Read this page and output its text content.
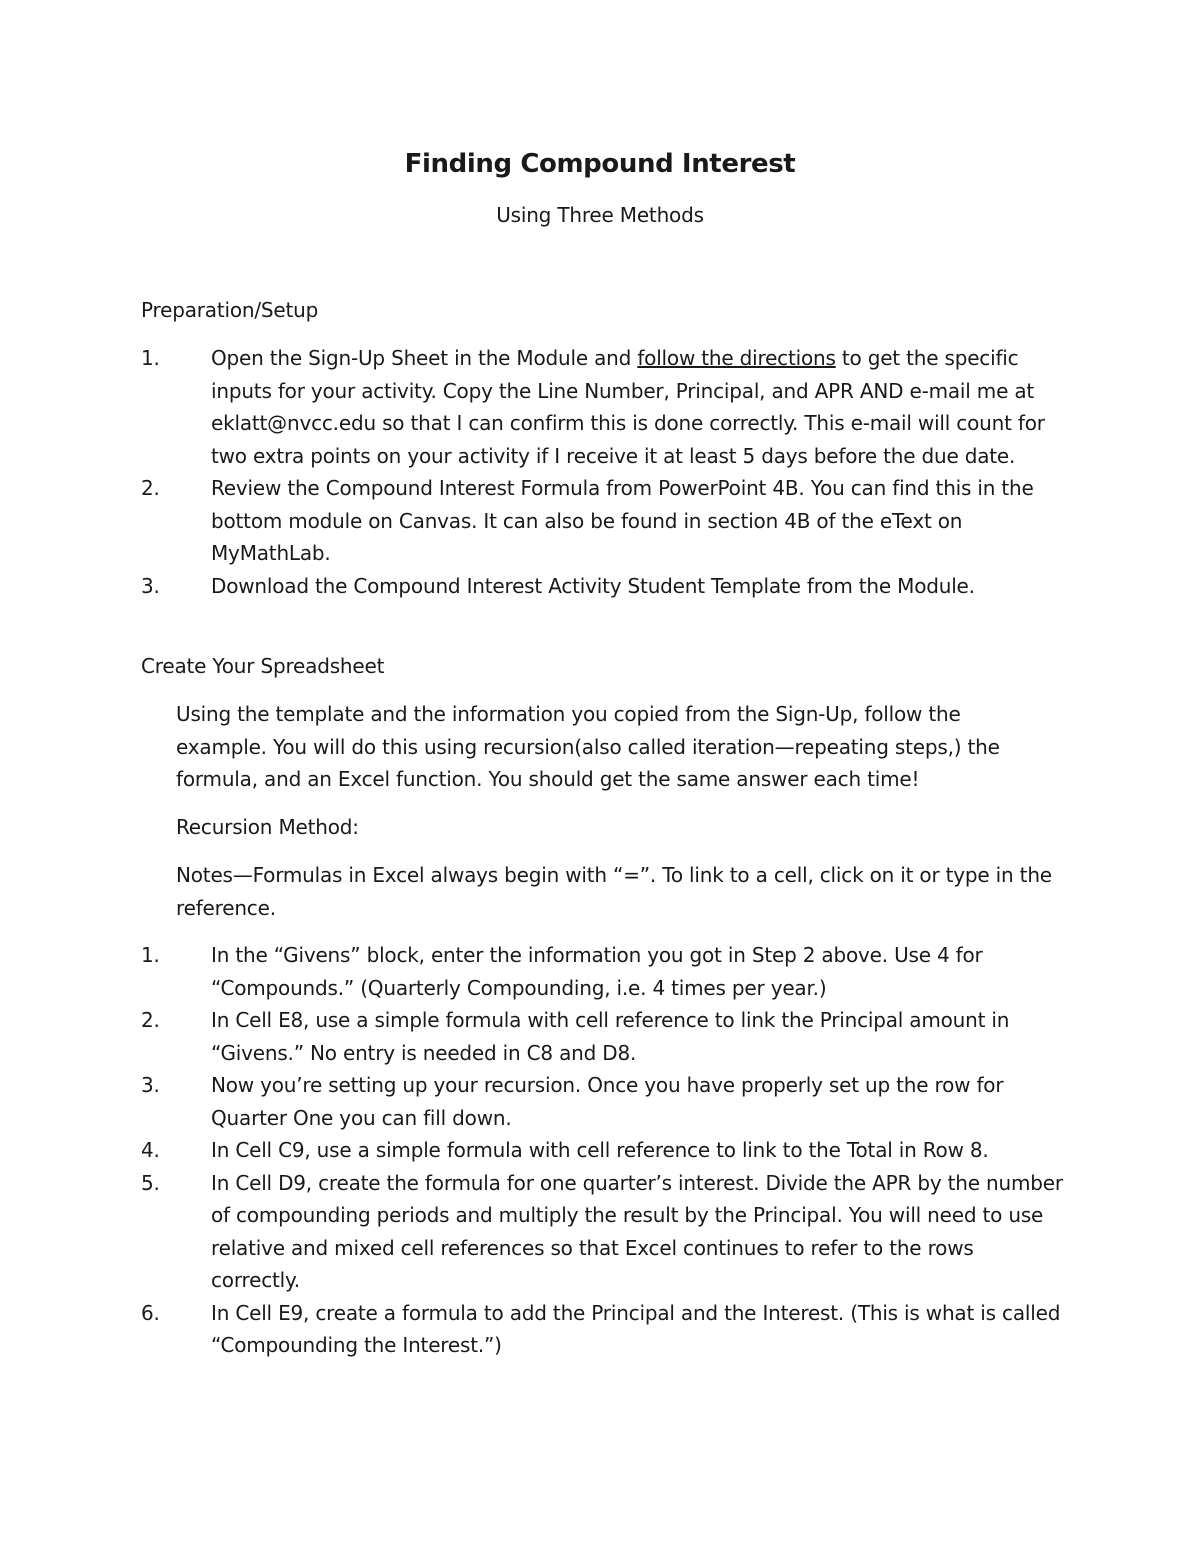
Finding Compound Interest

Using Three Methods

Preparation/Setup
1.	Open the Sign-Up Sheet in the Module and follow the directions to get the specific inputs for your activity. Copy the Line Number, Principal, and APR AND e-mail me at eklatt@nvcc.edu so that I can confirm this is done correctly. This e-mail will count for two extra points on your activity if I receive it at least 5 days before the due date.
2.	Review the Compound Interest Formula from PowerPoint 4B. You can find this in the bottom module on Canvas. It can also be found in section 4B of the eText on MyMathLab.
3.	Download the Compound Interest Activity Student Template from the Module.
Create Your Spreadsheet

Using the template and the information you copied from the Sign-Up, follow the example. You will do this using recursion(also called iteration—repeating steps,) the formula, and an Excel function. You should get the same answer each time!

Recursion Method:

Notes—Formulas in Excel always begin with “=”. To link to a cell, click on it or type in the reference.

1.	In the “Givens” block, enter the information you got in Step 2 above. Use 4 for “Compounds.” (Quarterly Compounding, i.e. 4 times per year.)
2.	In Cell E8, use a simple formula with cell reference to link the Principal amount in “Givens.” No entry is needed in C8 and D8.
3.	Now you’re setting up your recursion. Once you have properly set up the row for Quarter One you can fill down.
4.	In Cell C9, use a simple formula with cell reference to link to the Total in Row 8.
5.	In Cell D9, create the formula for one quarter’s interest. Divide the APR by the number of compounding periods and multiply the result by the Principal. You will need to use relative and mixed cell references so that Excel continues to refer to the rows correctly.
6.	In Cell E9, create a formula to add the Principal and the Interest. (This is what is called “Compounding the Interest.”)
